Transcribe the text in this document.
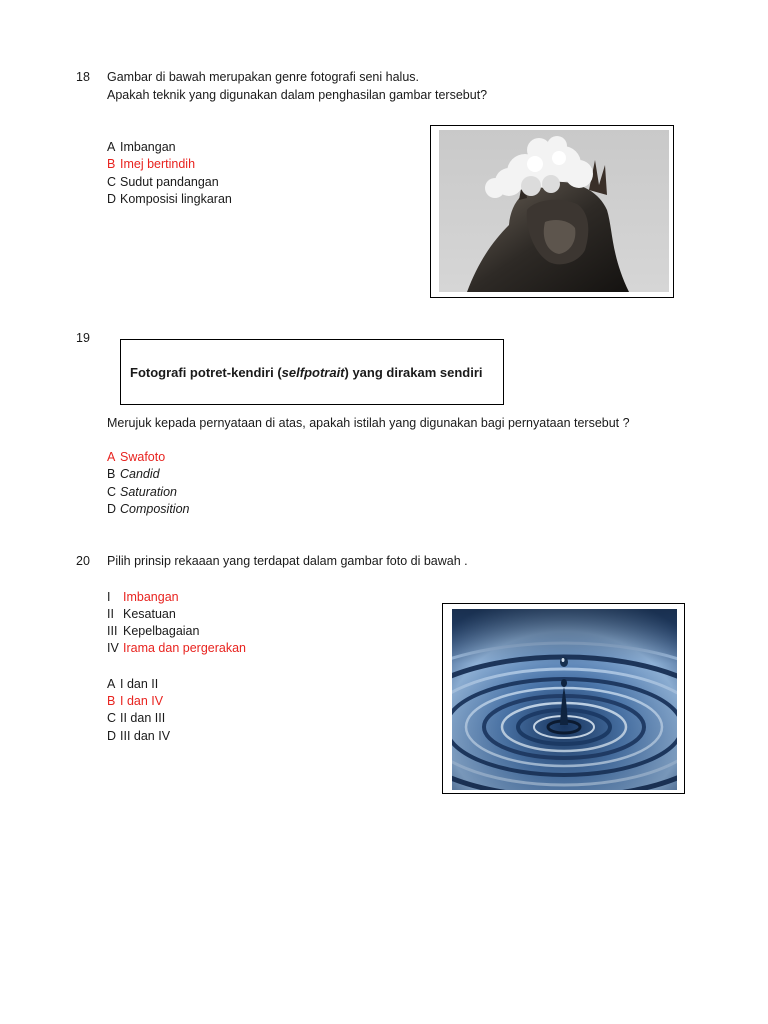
18 Gambar di bawah merupakan genre fotografi seni halus.
Apakah teknik yang digunakan dalam penghasilan gambar tersebut?
A Imbangan
B Imej bertindih
C Sudut pandangan
D Komposisi lingkaran
19
Fotografi potret-kendiri ( selfpotrait ) yang dirakam sendiri
Merujuk kepada pernyataan di atas, apakah istilah yang digunakan bagi pernyataan tersebut ?
A Swafoto
B Candid
C Saturation
D Composition
20 Pilih prinsip rekaaan yang terdapat dalam gambar foto di bawah .
I Imbangan
II Kesatuan
III Kepelbagaian
IV Irama dan pergerakan
A I dan II
B I dan IV
C II dan III
D III dan IV
